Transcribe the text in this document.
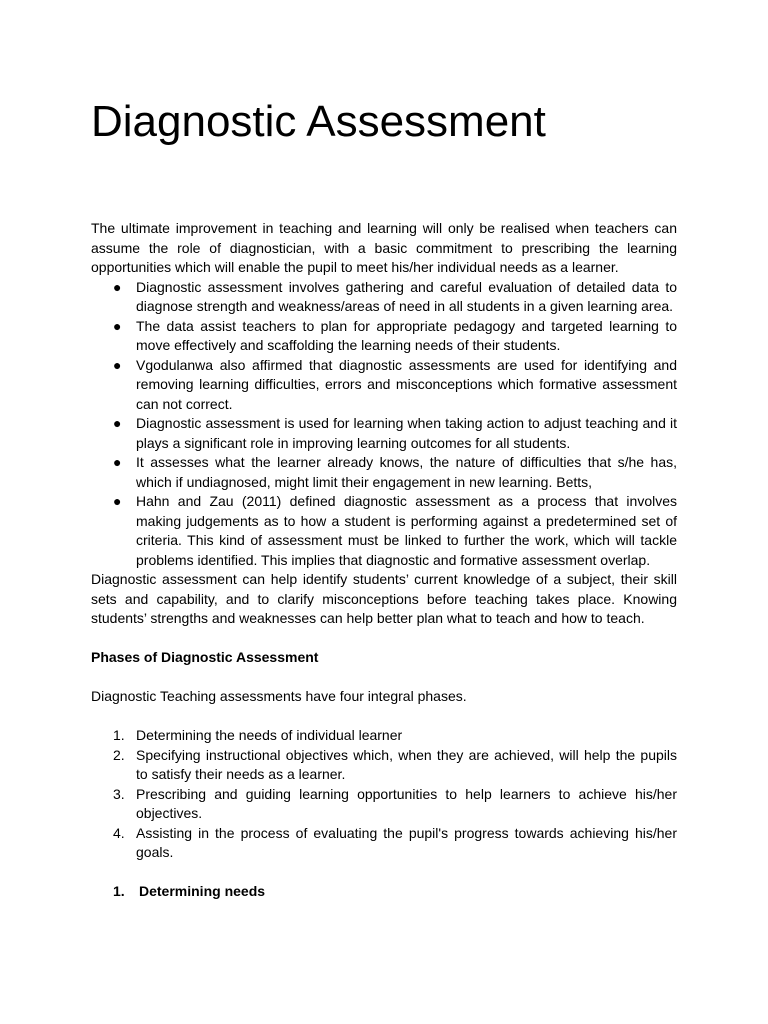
Diagnostic Assessment

The ultimate improvement in teaching and learning will only be realised when teachers can assume the role of diagnostician, with a basic commitment to prescribing the learning opportunities which will enable the pupil to meet his/her individual needs as a learner.

● Diagnostic assessment involves gathering and careful evaluation of detailed data to diagnose strength and weakness/areas of need in all students in a given learning area.
● The data assist teachers to plan for appropriate pedagogy and targeted learning to move effectively and scaffolding the learning needs of their students.
● Vgodulanwa also affirmed that diagnostic assessments are used for identifying and removing learning difficulties, errors and misconceptions which formative assessment can not correct.
● Diagnostic assessment is used for learning when taking action to adjust teaching and it plays a significant role in improving learning outcomes for all students.
● It assesses what the learner already knows, the nature of difficulties that s/he has, which if undiagnosed, might limit their engagement in new learning. Betts,
● Hahn and Zau (2011) defined diagnostic assessment as a process that involves making judgements as to how a student is performing against a predetermined set of criteria. This kind of assessment must be linked to further the work, which will tackle problems identified. This implies that diagnostic and formative assessment overlap.

Diagnostic assessment can help identify students’ current knowledge of a subject, their skill sets and capability, and to clarify misconceptions before teaching takes place. Knowing students’ strengths and weaknesses can help better plan what to teach and how to teach.

Phases of Diagnostic Assessment

Diagnostic Teaching assessments have four integral phases.

1. Determining the needs of individual learner
2. Specifying instructional objectives which, when they are achieved, will help the pupils to satisfy their needs as a learner.
3. Prescribing and guiding learning opportunities to help learners to achieve his/her objectives.
4. Assisting in the process of evaluating the pupil's progress towards achieving his/her goals.
1. Determining needs
